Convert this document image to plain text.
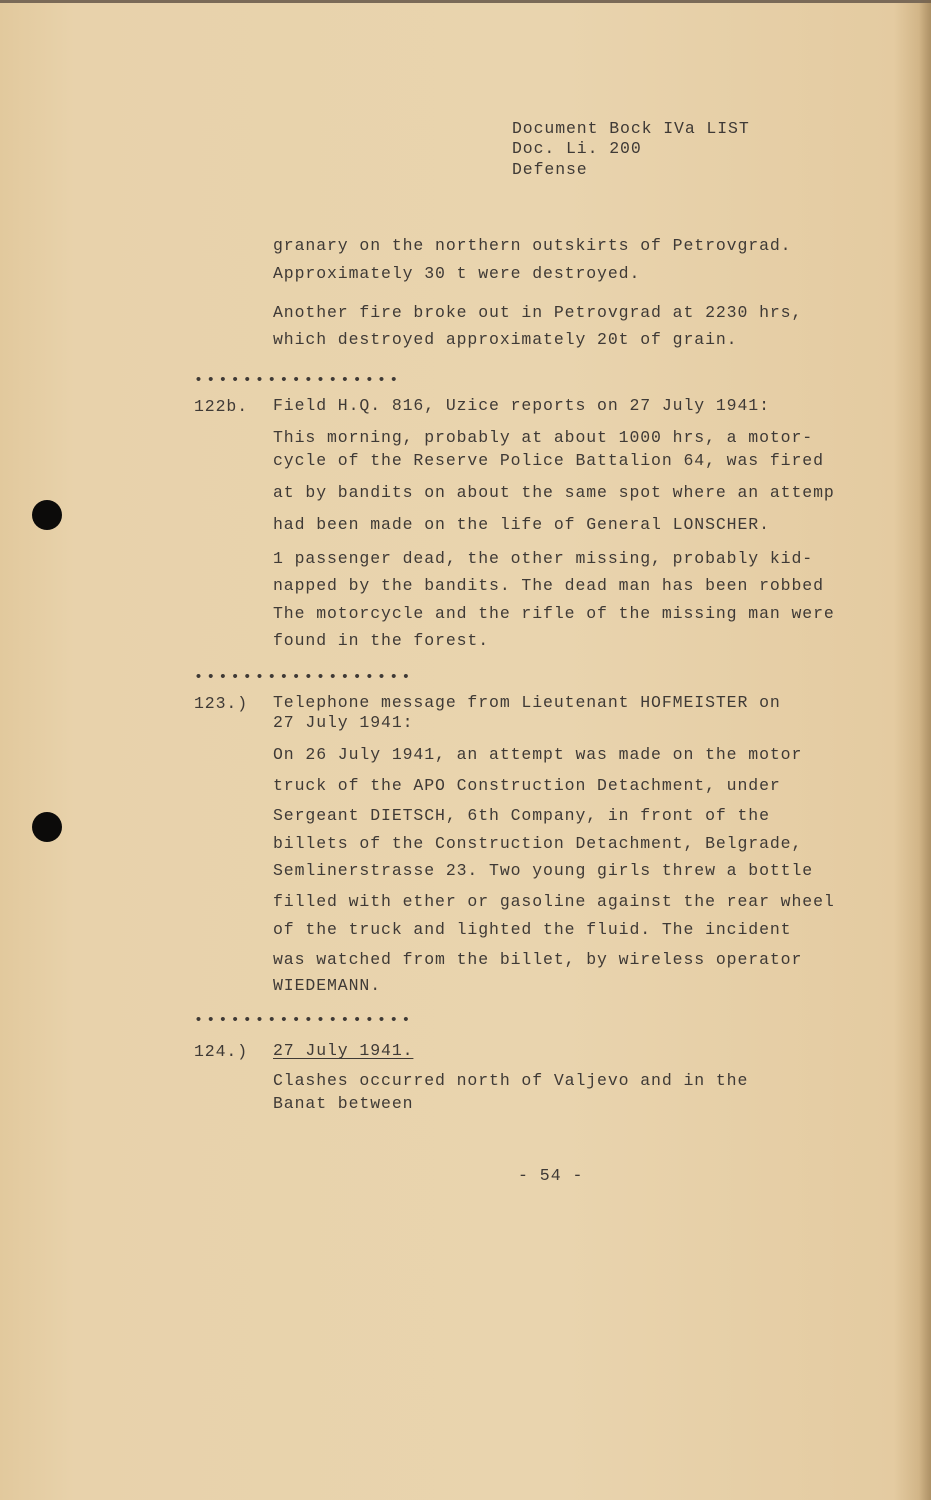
Document Bock IVa LIST
Doc. Li. 200
Defense
granary on the northern outskirts of Petrovgrad.
Approximately 30 t were destroyed.
Another fire broke out in Petrovgrad at 2230 hrs,
which destroyed approximately 20t of grain.
•••••••••••••••••
122b. Field H.Q. 816, Uzice reports on 27 July 1941:
This morning, probably at about 1000 hrs, a motor-
cycle of the Reserve Police Battalion 64, was fired
at by bandits on about the same spot where an attemp
had been made on the life of General LONSCHER.
1 passenger dead, the other missing, probably kid-
napped by the bandits. The dead man has been robbed
The motorcycle and the rifle of the missing man were
found in the forest.
••••••••••••••••••
123.) Telephone message from Lieutenant HOFMEISTER on
27 July 1941:
On 26 July 1941, an attempt was made on the motor
truck of the APO Construction Detachment, under
Sergeant DIETSCH, 6th Company, in front of the
billets of the Construction Detachment, Belgrade,
Semlinerstrasse 23. Two young girls threw a bottle
filled with ether or gasoline against the rear wheel
of the truck and lighted the fluid. The incident
was watched from the billet, by wireless operator
WIEDEMANN.
••••••••••••••••••
124.) 27 July 1941.
Clashes occurred north of Valjevo and in the
Banat between
- 54 -
